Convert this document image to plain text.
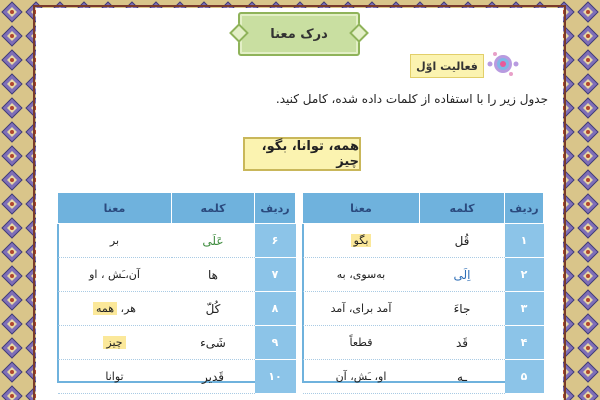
درک معنا
فعالیت اوّل
جدول زیر را با استفاده از کلمات داده شده، کامل کنید.
همه، توانا، بگو، چیز
ردیف	کلمه	معنا
۱	قُل	بگو
۲	اِلَی	به‌سوی، به
۳	جاءَ	آمد برای، آمد
۴	قَد	قطعاً
۵	ـه	او، ـَش، آن
ردیف	کلمه	معنا
۶	عَلَی	بر
۷	ها	آن،ـَش ، او
۸	کُلّ	هر، همه
۹	شَیء	چیز
۱۰	قَدیر	توانا
